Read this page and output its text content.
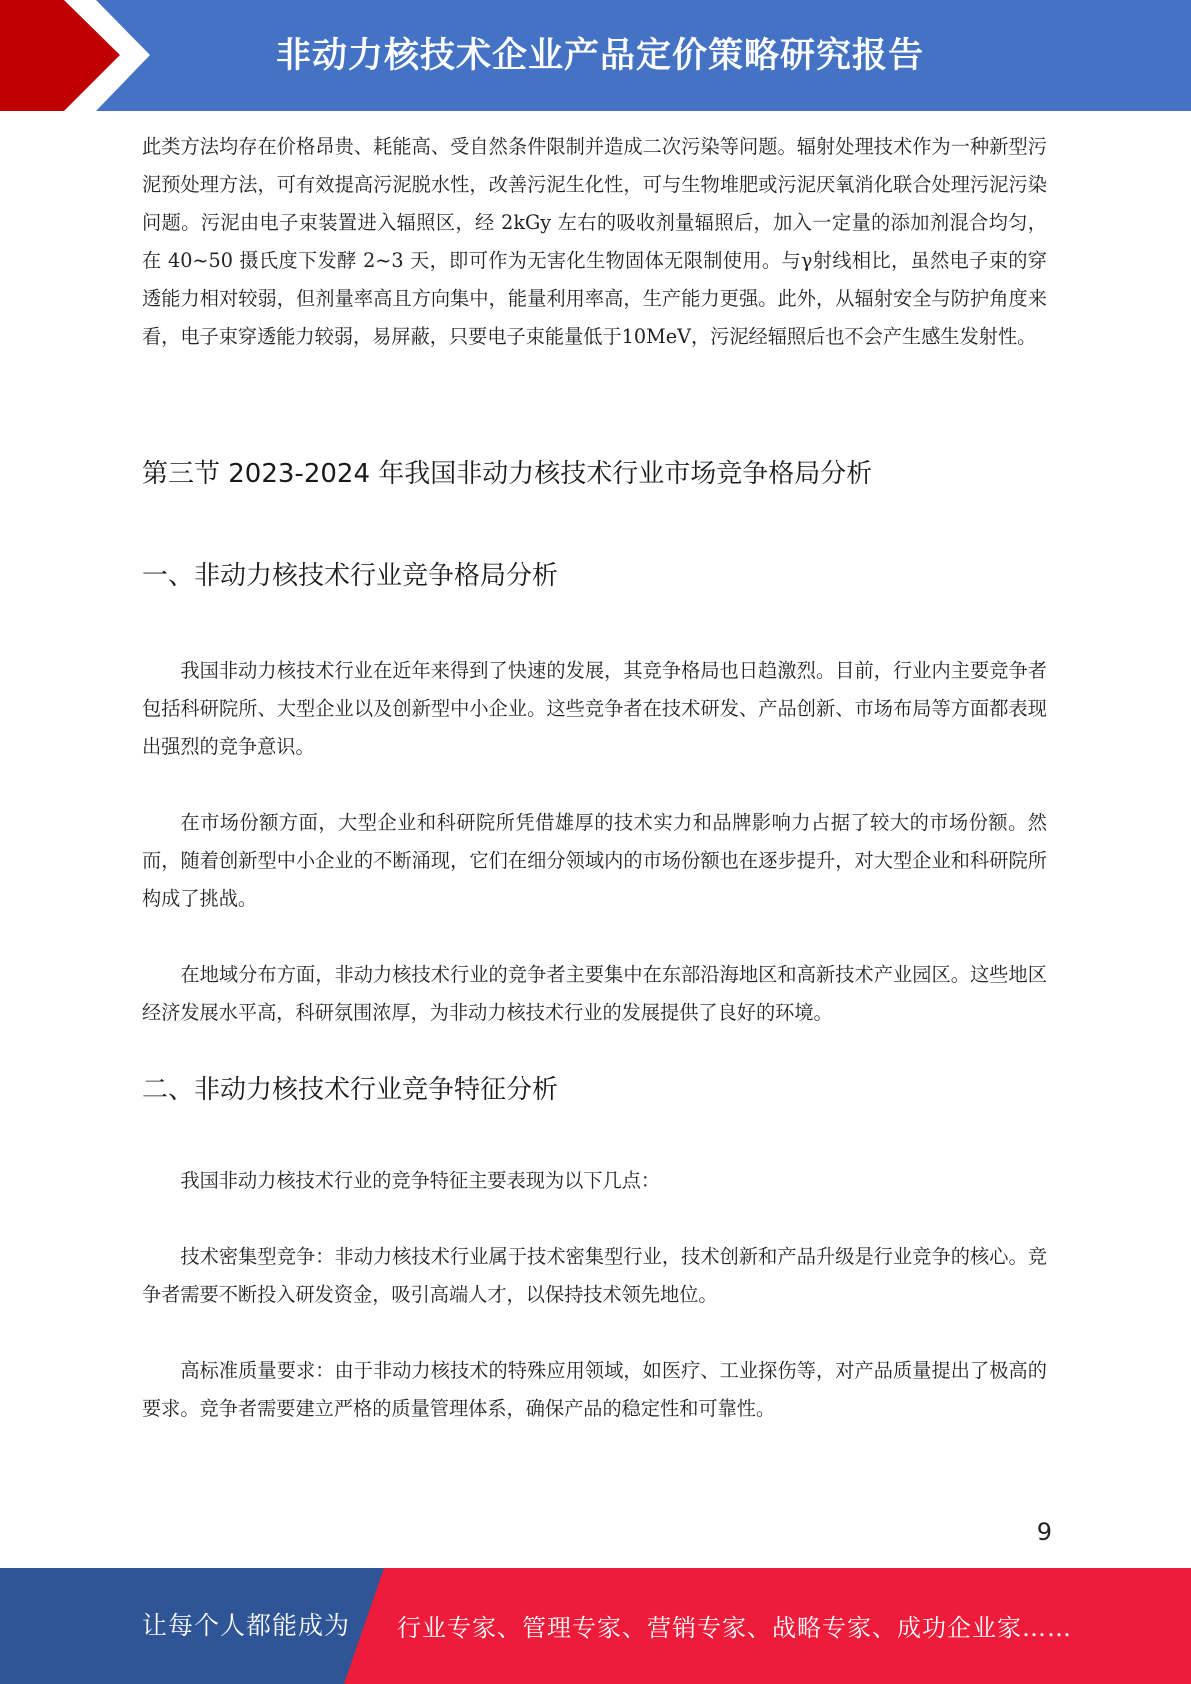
非动力核技术企业产品定价策略研究报告

此类方法均存在价格昂贵、耗能高、受自然条件限制并造成二次污染等问题。辐射处理技术作为一种新型污泥预处理方法，可有效提高污泥脱水性，改善污泥生化性，可与生物堆肥或污泥厌氧消化联合处理污泥污染问题。污泥由电子束装置进入辐照区，经 2kGy 左右的吸收剂量辐照后，加入一定量的添加剂混合均匀，在 40~50 摄氏度下发酵 2~3 天，即可作为无害化生物固体无限制使用。与γ射线相比，虽然电子束的穿透能力相对较弱，但剂量率高且方向集中，能量利用率高，生产能力更强。此外，从辐射安全与防护角度来看，电子束穿透能力较弱，易屏蔽，只要电子束能量低于10MeV，污泥经辐照后也不会产生感生发射性。

第三节 2023-2024 年我国非动力核技术行业市场竞争格局分析
一、非动力核技术行业竞争格局分析

我国非动力核技术行业在近年来得到了快速的发展，其竞争格局也日趋激烈。目前，行业内主要竞争者包括科研院所、大型企业以及创新型中小企业。这些竞争者在技术研发、产品创新、市场布局等方面都表现出强烈的竞争意识。

在市场份额方面，大型企业和科研院所凭借雄厚的技术实力和品牌影响力占据了较大的市场份额。然而，随着创新型中小企业的不断涌现，它们在细分领域内的市场份额也在逐步提升，对大型企业和科研院所构成了挑战。

在地域分布方面，非动力核技术行业的竞争者主要集中在东部沿海地区和高新技术产业园区。这些地区经济发展水平高，科研氛围浓厚，为非动力核技术行业的发展提供了良好的环境。

二、非动力核技术行业竞争特征分析

我国非动力核技术行业的竞争特征主要表现为以下几点：

技术密集型竞争：非动力核技术行业属于技术密集型行业，技术创新和产品升级是行业竞争的核心。竞争者需要不断投入研发资金，吸引高端人才，以保持技术领先地位。

高标准质量要求：由于非动力核技术的特殊应用领域，如医疗、工业探伤等，对产品质量提出了极高的要求。竞争者需要建立严格的质量管理体系，确保产品的稳定性和可靠性。

9
让每个人都能成为 行业专家、管理专家、营销专家、战略专家、成功企业家……
